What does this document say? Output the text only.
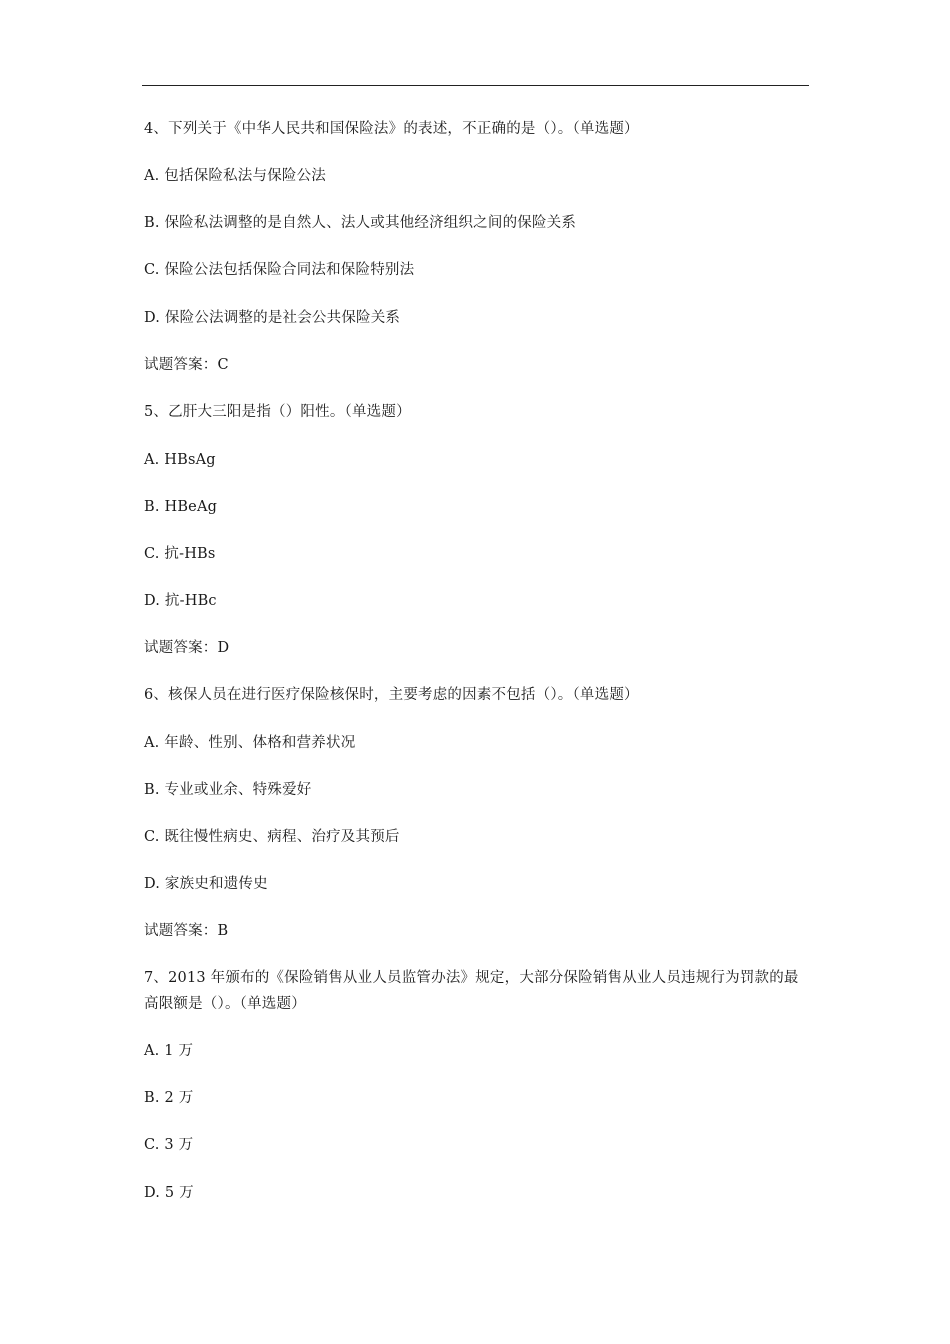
4、下列关于《中华人民共和国保险法》的表述，不正确的是（）。（单选题）
A. 包括保险私法与保险公法
B. 保险私法调整的是自然人、法人或其他经济组织之间的保险关系
C. 保险公法包括保险合同法和保险特别法
D. 保险公法调整的是社会公共保险关系
试题答案：C
5、乙肝大三阳是指（）阳性。（单选题）
A. HBsAg
B. HBeAg
C. 抗-HBs
D. 抗-HBc
试题答案：D
6、核保人员在进行医疗保险核保时，主要考虑的因素不包括（）。（单选题）
A. 年龄、性别、体格和营养状况
B. 专业或业余、特殊爱好
C. 既往慢性病史、病程、治疗及其预后
D. 家族史和遗传史
试题答案：B
7、2013 年颁布的《保险销售从业人员监管办法》规定，大部分保险销售从业人员违规行为罚款的最高限额是（）。（单选题）
A. 1 万
B. 2 万
C. 3 万
D. 5 万
